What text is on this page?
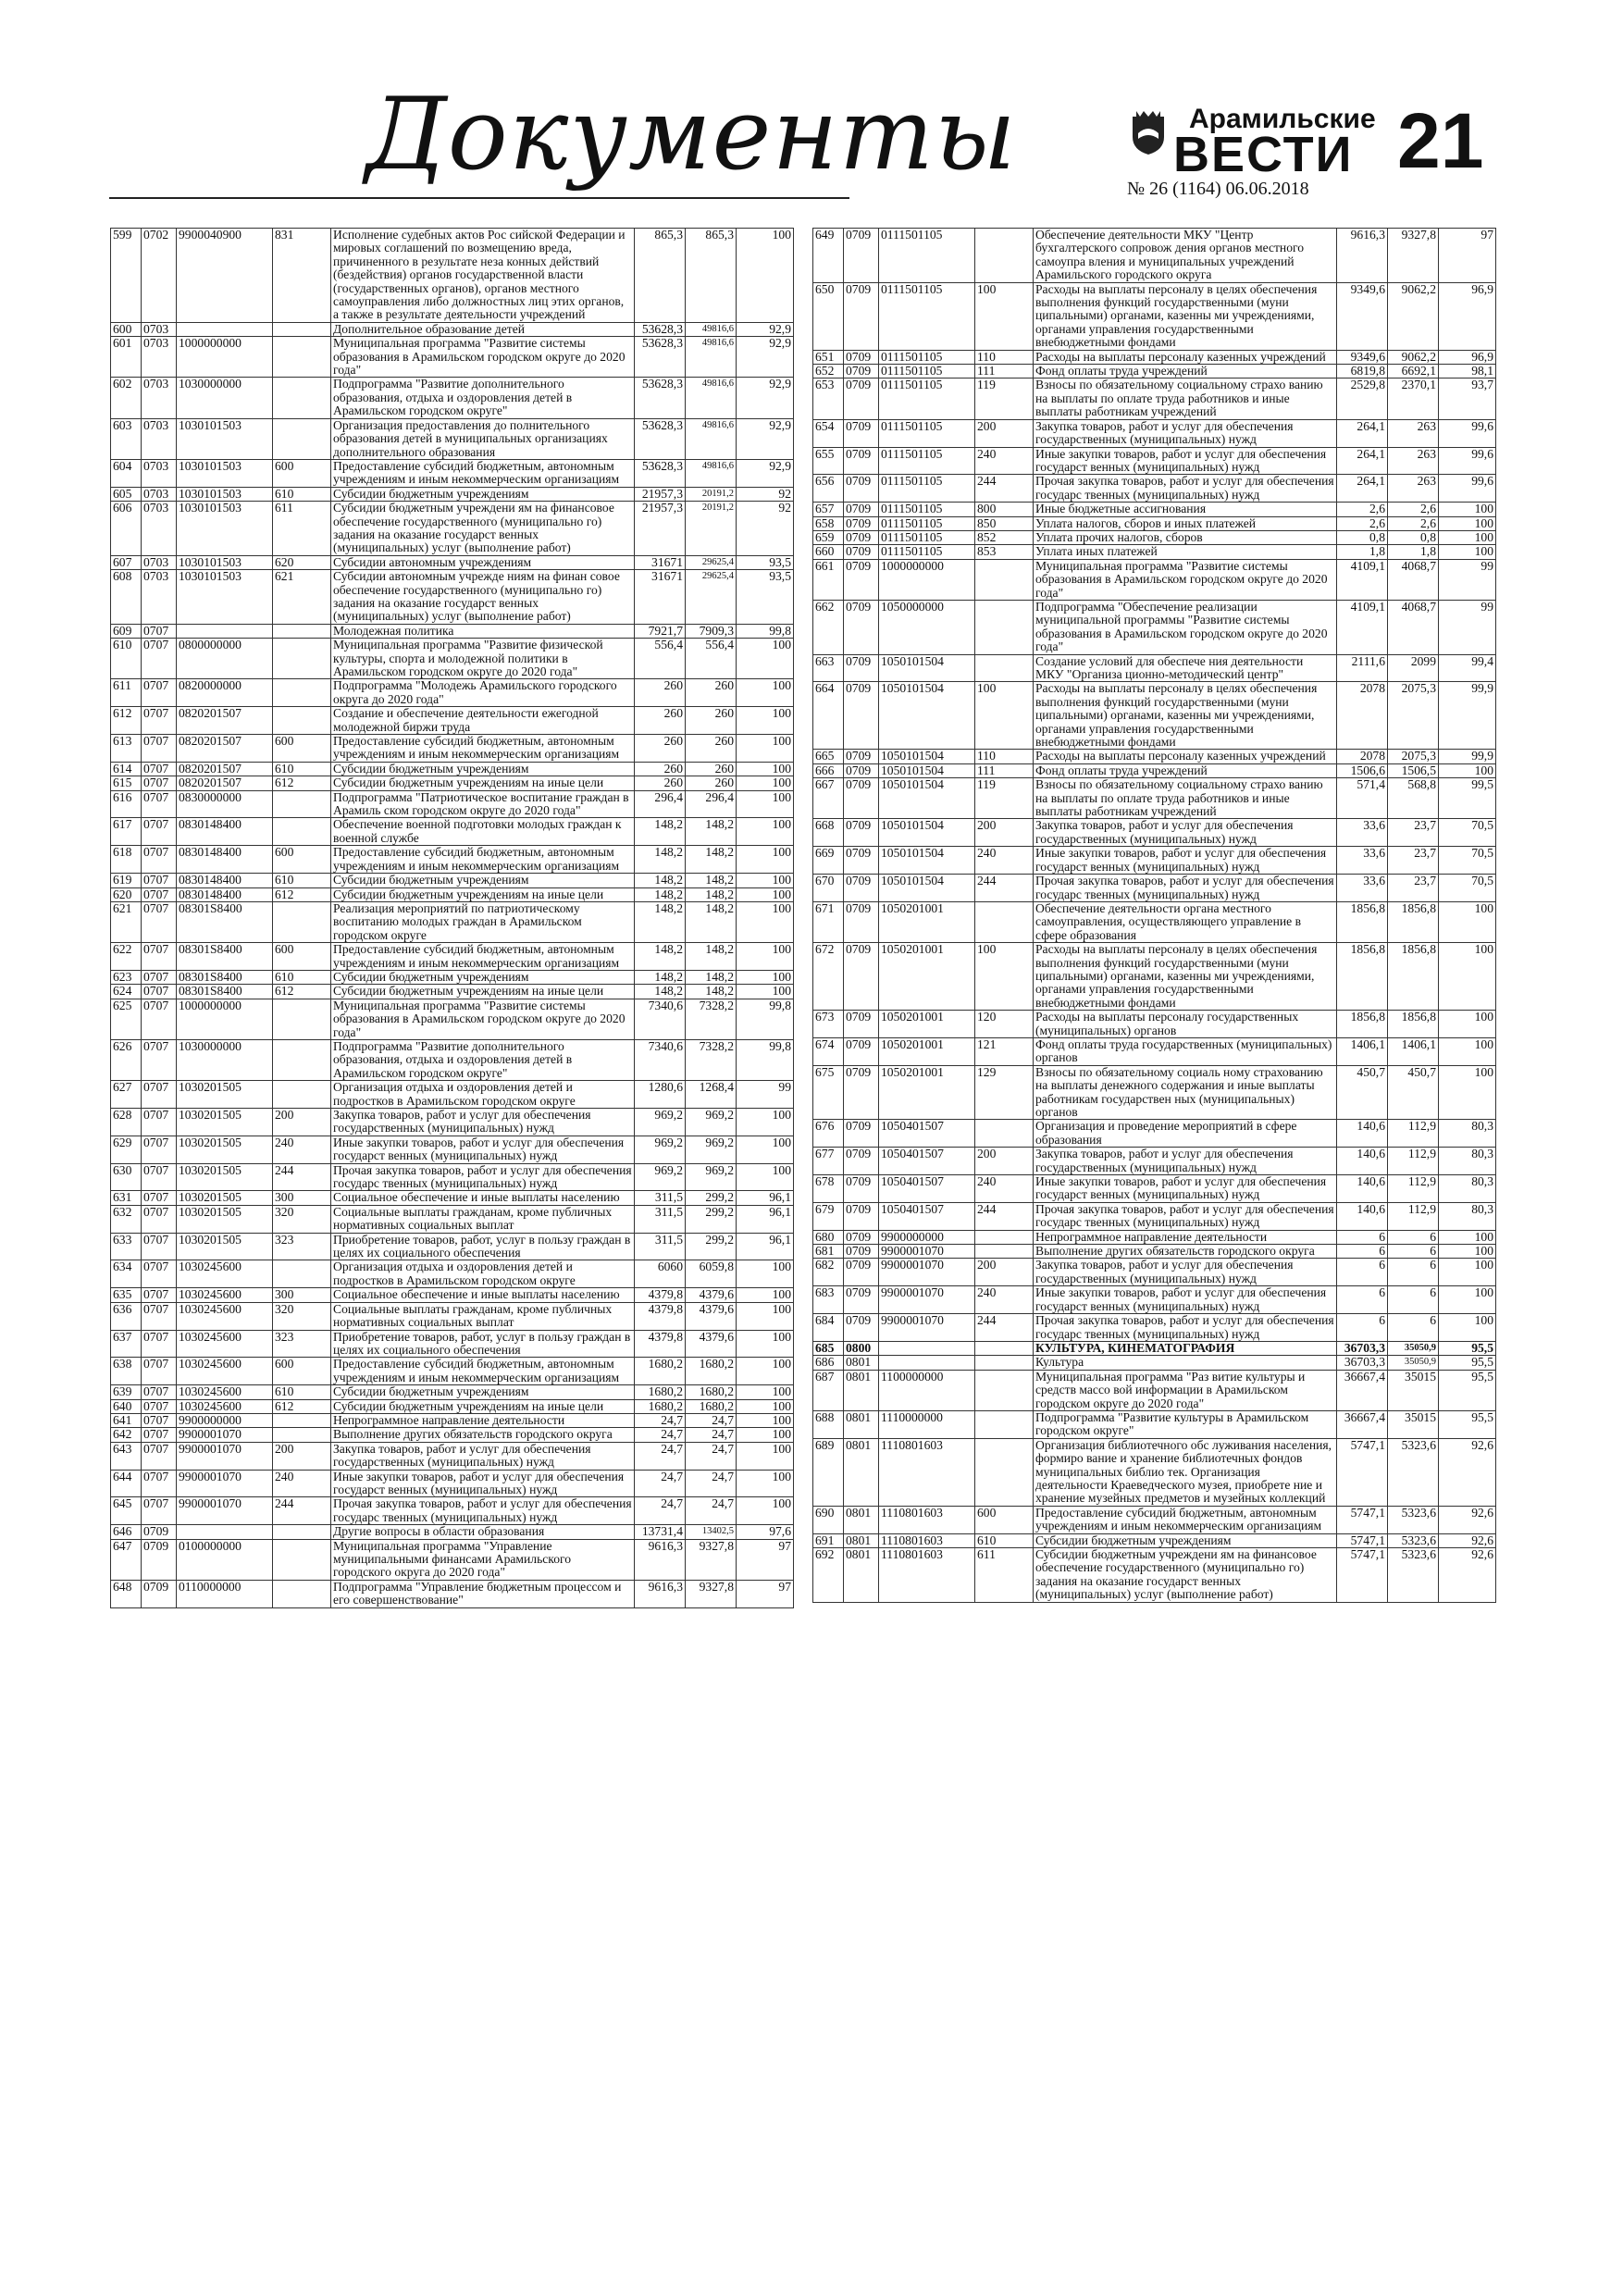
Документы	Арамильские
ВЕСТИ
№ 26 (1164) 06.06.2018
21
599	0702	9900040900	831	Исполнение судебных актов Рос сийской Федерации и мировых соглашений по возмещению вреда, причиненного в результате неза конных действий (бездействия) органов государственной власти (государственных органов), органов местного самоуправления либо должностных лиц этих органов, а также в результате деятельности учреждений	865,3	865,3	100
600	0703			Дополнительное образование детей	53628,3	49816,6	92,9
601	0703	1000000000		Муниципальная программа "Развитие системы образования в Арамильском городском округе до 2020 года"	53628,3	49816,6	92,9
602	0703	1030000000		Подпрограмма "Развитие дополнительного образования, отдыха и оздоровления детей в Арамильском городском округе"	53628,3	49816,6	92,9
603	0703	1030101503		Организация предоставления до полнительного образования детей в муниципальных организациях дополнительного образования	53628,3	49816,6	92,9
604	0703	1030101503	600	Предоставление субсидий бюджетным, автономным учреждениям и иным некоммерческим организациям	53628,3	49816,6	92,9
605	0703	1030101503	610	Субсидии бюджетным учреждениям	21957,3	20191,2	92
606	0703	1030101503	611	Субсидии бюджетным учреждени ям на финансовое обеспечение государственного (муниципально го) задания на оказание государст венных (муниципальных) услуг (выполнение работ)	21957,3	20191,2	92
607	0703	1030101503	620	Субсидии автономным учреждениям	31671	29625,4	93,5
608	0703	1030101503	621	Субсидии автономным учрежде ниям на финан совое обеспечение государственного (муниципально го) задания на оказание государст венных (муниципальных) услуг (выполнение работ)	31671	29625,4	93,5
609	0707			Молодежная политика	7921,7	7909,3	99,8
610	0707	0800000000		Муниципальная программа "Развитие физической культуры, спорта и молодежной политики в Арамильском городском округе до 2020 года"	556,4	556,4	100
611	0707	0820000000		Подпрограмма "Молодежь Арамильского городского округа до 2020 года"	260	260	100
612	0707	0820201507		Создание и обеспечение деятельности ежегодной молодежной биржи труда	260	260	100
613	0707	0820201507	600	Предоставление субсидий бюджетным, автономным учреждениям и иным некоммерческим организациям	260	260	100
614	0707	0820201507	610	Субсидии бюджетным учреждениям	260	260	100
615	0707	0820201507	612	Субсидии бюджетным учреждениям на иные цели	260	260	100
616	0707	0830000000		Подпрограмма "Патриотическое воспитание граждан в Арамиль ском городском округе до 2020 года"	296,4	296,4	100
617	0707	0830148400		Обеспечение военной подготовки молодых граждан к военной службе	148,2	148,2	100
618	0707	0830148400	600	Предоставление субсидий бюджетным, автономным учреждениям и иным некоммерческим организациям	148,2	148,2	100
619	0707	0830148400	610	Субсидии бюджетным учреждениям	148,2	148,2	100
620	0707	0830148400	612	Субсидии бюджетным учреждениям на иные цели	148,2	148,2	100
621	0707	08301S8400		Реализация мероприятий по патриотическому воспитанию молодых граждан в Арамильском городском округе	148,2	148,2	100
622	0707	08301S8400	600	Предоставление субсидий бюджетным, автономным учреждениям и иным некоммерческим организациям	148,2	148,2	100
623	0707	08301S8400	610	Субсидии бюджетным учреждениям	148,2	148,2	100
624	0707	08301S8400	612	Субсидии бюджетным учреждениям на иные цели	148,2	148,2	100
625	0707	1000000000		Муниципальная программа "Развитие системы образования в Арамильском городском округе до 2020 года"	7340,6	7328,2	99,8
626	0707	1030000000		Подпрограмма "Развитие дополнительного образования, отдыха и оздоровления детей в Арамильском городском округе"	7340,6	7328,2	99,8
627	0707	1030201505		Организация отдыха и оздоровления детей и подростков в Арамильском городском округе	1280,6	1268,4	99
628	0707	1030201505	200	Закупка товаров, работ и услуг для обеспечения государственных (муниципальных) нужд	969,2	969,2	100
629	0707	1030201505	240	Иные закупки товаров, работ и услуг для обеспечения государст венных (муниципальных) нужд	969,2	969,2	100
630	0707	1030201505	244	Прочая закупка товаров, работ и услуг для обеспечения государс твенных (муниципальных) нужд	969,2	969,2	100
631	0707	1030201505	300	Социальное обеспечение и иные выплаты населению	311,5	299,2	96,1
632	0707	1030201505	320	Социальные выплаты гражданам, кроме публичных нормативных социальных выплат	311,5	299,2	96,1
633	0707	1030201505	323	Приобретение товаров, работ, услуг в пользу граждан в целях их социального обеспечения	311,5	299,2	96,1
634	0707	1030245600		Организация отдыха и оздоровления детей и подростков в Арамильском городском округе	6060	6059,8	100
635	0707	1030245600	300	Социальное обеспечение и иные выплаты населению	4379,8	4379,6	100
636	0707	1030245600	320	Социальные выплаты гражданам, кроме публичных нормативных социальных выплат	4379,8	4379,6	100
637	0707	1030245600	323	Приобретение товаров, работ, услуг в пользу граждан в целях их социального обеспечения	4379,8	4379,6	100
638	0707	1030245600	600	Предоставление субсидий бюджетным, автономным учреждениям и иным некоммерческим организациям	1680,2	1680,2	100
639	0707	1030245600	610	Субсидии бюджетным учреждениям	1680,2	1680,2	100
640	0707	1030245600	612	Субсидии бюджетным учреждениям на иные цели	1680,2	1680,2	100
641	0707	9900000000		Непрограммное направление деятельности	24,7	24,7	100
642	0707	9900001070		Выполнение других обязательств городского округа	24,7	24,7	100
643	0707	9900001070	200	Закупка товаров, работ и услуг для обеспечения государственных (муниципальных) нужд	24,7	24,7	100
644	0707	9900001070	240	Иные закупки товаров, работ и услуг для обеспечения государст венных (муниципальных) нужд	24,7	24,7	100
645	0707	9900001070	244	Прочая закупка товаров, работ и услуг для обеспечения государс твенных (муниципальных) нужд	24,7	24,7	100
646	0709			Другие вопросы в области образования	13731,4	13402,5	97,6
647	0709	0100000000		Муниципальная программа "Управление муниципальными финансами Арамильского городского округа до 2020 года"	9616,3	9327,8	97
648	0709	0110000000		Подпрограмма "Управление бюджетным процессом и его совершенствование"	9616,3	9327,8	97
649	0709	0111501105		Обеспечение деятельности МКУ "Центр бухгалтерского сопровож дения органов местного самоупра вления и муниципальных учреждений Арамильского городского округа	9616,3	9327,8	97
650	0709	0111501105	100	Расходы на выплаты персоналу в целях обеспечения выполнения функций государственными (муни ципальными) органами, казенны ми учреждениями, органами управления государственными внебюджетными фондами	9349,6	9062,2	96,9
651	0709	0111501105	110	Расходы на выплаты персоналу казенных учреждений	9349,6	9062,2	96,9
652	0709	0111501105	111	Фонд оплаты труда учреждений	6819,8	6692,1	98,1
653	0709	0111501105	119	Взносы по обязательному социальному страхо ванию на выплаты по оплате труда работников и иные выплаты работникам учреждений	2529,8	2370,1	93,7
654	0709	0111501105	200	Закупка товаров, работ и услуг для обеспечения государственных (муниципальных) нужд	264,1	263	99,6
655	0709	0111501105	240	Иные закупки товаров, работ и услуг для обеспечения государст венных (муниципальных) нужд	264,1	263	99,6
656	0709	0111501105	244	Прочая закупка товаров, работ и услуг для обеспечения государс твенных (муниципальных) нужд	264,1	263	99,6
657	0709	0111501105	800	Иные бюджетные ассигнования	2,6	2,6	100
658	0709	0111501105	850	Уплата налогов, сборов и иных платежей	2,6	2,6	100
659	0709	0111501105	852	Уплата прочих налогов, сборов	0,8	0,8	100
660	0709	0111501105	853	Уплата иных платежей	1,8	1,8	100
661	0709	1000000000		Муниципальная программа "Развитие системы образования в Арамильском городском округе до 2020 года"	4109,1	4068,7	99
662	0709	1050000000		Подпрограмма "Обеспечение реализации муниципальной программы "Развитие системы образования в Арамильском городском округе до 2020 года"	4109,1	4068,7	99
663	0709	1050101504		Создание условий для обеспече ния деятельности МКУ "Организа ционно-методический центр"	2111,6	2099	99,4
664	0709	1050101504	100	Расходы на выплаты персоналу в целях обеспечения выполнения функций государственными (муни ципальными) органами, казенны ми учреждениями, органами управления государственными внебюджетными фондами	2078	2075,3	99,9
665	0709	1050101504	110	Расходы на выплаты персоналу казенных учреждений	2078	2075,3	99,9
666	0709	1050101504	111	Фонд оплаты труда учреждений	1506,6	1506,5	100
667	0709	1050101504	119	Взносы по обязательному социальному страхо ванию на выплаты по оплате труда работников и иные выплаты работникам учреждений	571,4	568,8	99,5
668	0709	1050101504	200	Закупка товаров, работ и услуг для обеспечения государственных (муниципальных) нужд	33,6	23,7	70,5
669	0709	1050101504	240	Иные закупки товаров, работ и услуг для обеспечения государст венных (муниципальных) нужд	33,6	23,7	70,5
670	0709	1050101504	244	Прочая закупка товаров, работ и услуг для обеспечения государс твенных (муниципальных) нужд	33,6	23,7	70,5
671	0709	1050201001		Обеспечение деятельности органа местного самоуправления, осуществляющего управление в сфере образования	1856,8	1856,8	100
672	0709	1050201001	100	Расходы на выплаты персоналу в целях обеспечения выполнения функций государственными (муни ципальными) органами, казенны ми учреждениями, органами управления государственными внебюджетными фондами	1856,8	1856,8	100
673	0709	1050201001	120	Расходы на выплаты персоналу государственных (муниципальных) органов	1856,8	1856,8	100
674	0709	1050201001	121	Фонд оплаты труда государственных (муниципальных) органов	1406,1	1406,1	100
675	0709	1050201001	129	Взносы по обязательному социаль ному страхованию на выплаты денежного содержания и иные выплаты работникам государствен ных (муниципальных) органов	450,7	450,7	100
676	0709	1050401507		Организация и проведение мероприятий в сфере образования	140,6	112,9	80,3
677	0709	1050401507	200	Закупка товаров, работ и услуг для обеспечения государственных (муниципальных) нужд	140,6	112,9	80,3
678	0709	1050401507	240	Иные закупки товаров, работ и услуг для обеспечения государст венных (муниципальных) нужд	140,6	112,9	80,3
679	0709	1050401507	244	Прочая закупка товаров, работ и услуг для обеспечения государс твенных (муниципальных) нужд	140,6	112,9	80,3
680	0709	9900000000		Непрограммное направление деятельности	6	6	100
681	0709	9900001070		Выполнение других обязательств городского округа	6	6	100
682	0709	9900001070	200	Закупка товаров, работ и услуг для обеспечения государственных (муниципальных) нужд	6	6	100
683	0709	9900001070	240	Иные закупки товаров, работ и услуг для обеспечения государст венных (муниципальных) нужд	6	6	100
684	0709	9900001070	244	Прочая закупка товаров, работ и услуг для обеспечения государс твенных (муниципальных) нужд	6	6	100
685	0800			КУЛЬТУРА, КИНЕМАТОГРАФИЯ	36703,3	35050,9	95,5
686	0801			Культура	36703,3	35050,9	95,5
687	0801	1100000000		Муниципальная программа "Раз витие культуры и средств массо вой информации в Арамильском городском округе до 2020 года"	36667,4	35015	95,5
688	0801	1110000000		Подпрограмма "Развитие культуры в Арамильском городском округе"	36667,4	35015	95,5
689	0801	1110801603		Организация библиотечного обс луживания населения, формиро вание и хранение библиотечных фондов муниципальных библио тек. Организация деятельности Краеведческого музея, приобрете ние и хранение музейных предметов и музейных коллекций	5747,1	5323,6	92,6
690	0801	1110801603	600	Предоставление субсидий бюджетным, автономным учреждениям и иным некоммерческим организациям	5747,1	5323,6	92,6
691	0801	1110801603	610	Субсидии бюджетным учреждениям	5747,1	5323,6	92,6
692	0801	1110801603	611	Субсидии бюджетным учреждени ям на финансовое обеспечение государственного (муниципально го) задания на оказание государст венных (муниципальных) услуг (выполнение работ)	5747,1	5323,6	92,6
